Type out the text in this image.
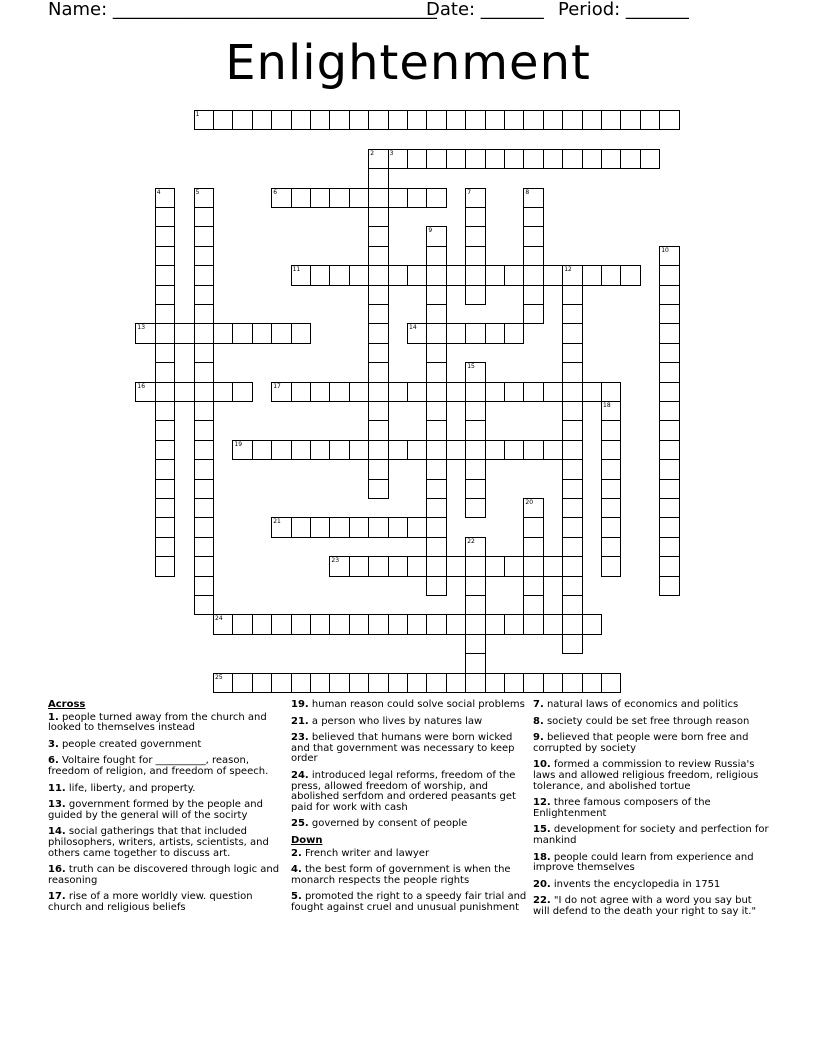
Name: ____________________________________
Date: _______ Period: _______
Enlightenment
1
2	3
4	5	6	7	8
9
10
11	12
13	14
15
16	17
18
19
20
21
22
23
24
25
Across
1. people turned away from the church and looked to themselves instead
3. people created government
6. Voltaire fought for __________, reason, freedom of religion, and freedom of speech.
11. life, liberty, and property.
13. government formed by the people and guided by the general will of the socirty
14. social gatherings that that included philosophers, writers, artists, scientists, and others came together to discuss art.
16. truth can be discovered through logic and reasoning
17. rise of a more worldly view. question church and religious beliefs
19. human reason could solve social problems
21. a person who lives by natures law
23. believed that humans were born wicked and that government was necessary to keep order
24. introduced legal reforms, freedom of the press, allowed freedom of worship, and abolished serfdom and ordered peasants get paid for work with cash
25. governed by consent of people
Down
2. French writer and lawyer
4. the best form of government is when the monarch respects the people rights
5. promoted the right to a speedy fair trial and fought against cruel and unusual punishment
7. natural laws of economics and politics
8. society could be set free through reason
9. believed that people were born free and corrupted by society
10. formed a commission to review Russia's laws and allowed religious freedom, religious tolerance, and abolished tortue
12. three famous composers of the Enlightenment
15. development for society and perfection for mankind
18. people could learn from experience and improve themselves
20. invents the encyclopedia in 1751
22. "I do not agree with a word you say but will defend to the death your right to say it."
